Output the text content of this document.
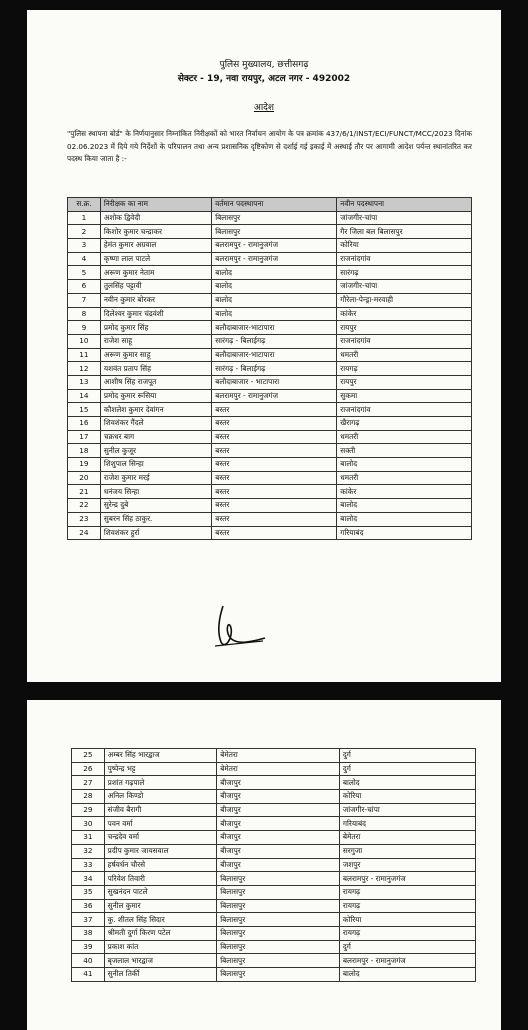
पुलिस मुख्यालय, छत्तीसगढ़
सेक्टर - 19, नवा रायपुर, अटल नगर - 492002
आदेश
"पुलिस स्थापना बोर्ड" के निर्णयानुसार निम्नांकित निरीक्षकों को भारत निर्वाचन आयोग के पत्र क्रमांक 437/6/1/INST/ECI/FUNCT/MCC/2023 दिनांक 02.06.2023 में दिये गये निर्देशों के परिपालन तथा अन्य प्रशासनिक दृष्टिकोण से दर्शाई गई इकाई में अस्थाई तौर पर आगामी आदेश पर्यन्त स्थानांतरित कर पदस्थ किया जाता है :-
स.क्र.	निरीक्षक का नाम	वर्तमान पदस्थापना	नवीन पदस्थापना
1	अशोक द्विवेदी	बिलासपुर	जांजगीर-चांपा
2	किशोर कुमार चन्द्राकर	बिलासपुर	गैर जिला बल बिलासपुर
3	हेमंत कुमार अग्रवाल	बलरामपुर - रामानुजगंज	कोरिया
4	कृष्णा लाल पाटले	बलरामपुर - रामानुजगंज	राजनांदगांव
5	अरूण कुमार नेताम	बालोद	सारंगढ़
6	तुलसिंह पट्टावी	बालोद	जांजगीर-चांपा
7	नवीन कुमार बोरकर	बालोद	गौरेला-पेन्ड्रा-मरवाही
8	दिलेश्वर कुमार चंद्रवंशी	बालोद	कांकेर
9	प्रमोद कुमार सिंह	बलौदाबाजार-भाटापारा	रायपुर
10	राजेश साहू	सारंगढ़ - बिलाईगढ़	राजनांदगांव
11	अरूण कुमार साहू	बलौदाबाजार-भाटापारा	धमतरी
12	यशवंत प्रताप सिंह	सारंगढ़ - बिलाईगढ़	रायगढ़
13	आशीष सिंह राजपूत	बलौदाबाजार - भाटापारा	रायपुर
14	प्रमोद कुमार रूसिया	बलरामपुर - रामानुजगंज	सुकमा
15	कौशलेश कुमार देवांगन	बस्तर	राजनांदगांव
16	शिवशंकर गैंदले	बस्तर	खैरागढ़
17	चक्रधर बाग	बस्तर	धमतरी
18	सुनील कुजूर	बस्तर	सक्ती
19	शिशुपाल सिन्हा	बस्तर	बालोद
20	राजेश कुमार मरई	बस्तर	धमतरी
21	धनंजय सिन्हा	बस्तर	कांकेर
22	सुरेन्द्र दुबे	बस्तर	बालोद
23	सुबरन सिंह ठाकुर.	बस्तर	बालोद
24	शिवशंकर हुर्रा	बस्तर	गरियाबंद
25	अम्बर सिंह भारद्वाज	बेमेतरा	दुर्ग
26	पुष्पेन्द्र भट्ट	बेमेतरा	दुर्ग
27	प्रशांत गढ़पाले	बीजापुर	बालोद
28	अनिल किण्डो	बीजापुर	कोरिया
29	संजीव बैरागी	बीजापुर	जांजगीर-चांपा
30	पवन वर्मा	बीजापुर	गरियाबंद
31	चन्द्रदेव वर्मा	बीजापुर	बेमेतरा
32	प्रदीप कुमार जायसवाल	बीजापुर	सरगुजा
33	हर्षवर्धन चौरसे	बीजापुर	जशपुर
34	परिवेश तिवारी	बिलासपुर	बलरामपुर - रामानुजगंज
35	सुखनंदन पाटले	बिलासपुर	रायगढ़
36	सुनील कुमार	बिलासपुर	रायगढ़
37	कु. शीतल सिंह सिदार	बिलासपुर	कोरिया
38	श्रीमती दुर्गा किरण पटेल	बिलासपुर	रायगढ़
39	प्रकाश कांत	बिलासपुर	दुर्ग
40	बृजलाल भारद्वाज	बिलासपुर	बलरामपुर - रामानुजगंज
41	सुनील तिर्की	बिलासपुर	बालोद
